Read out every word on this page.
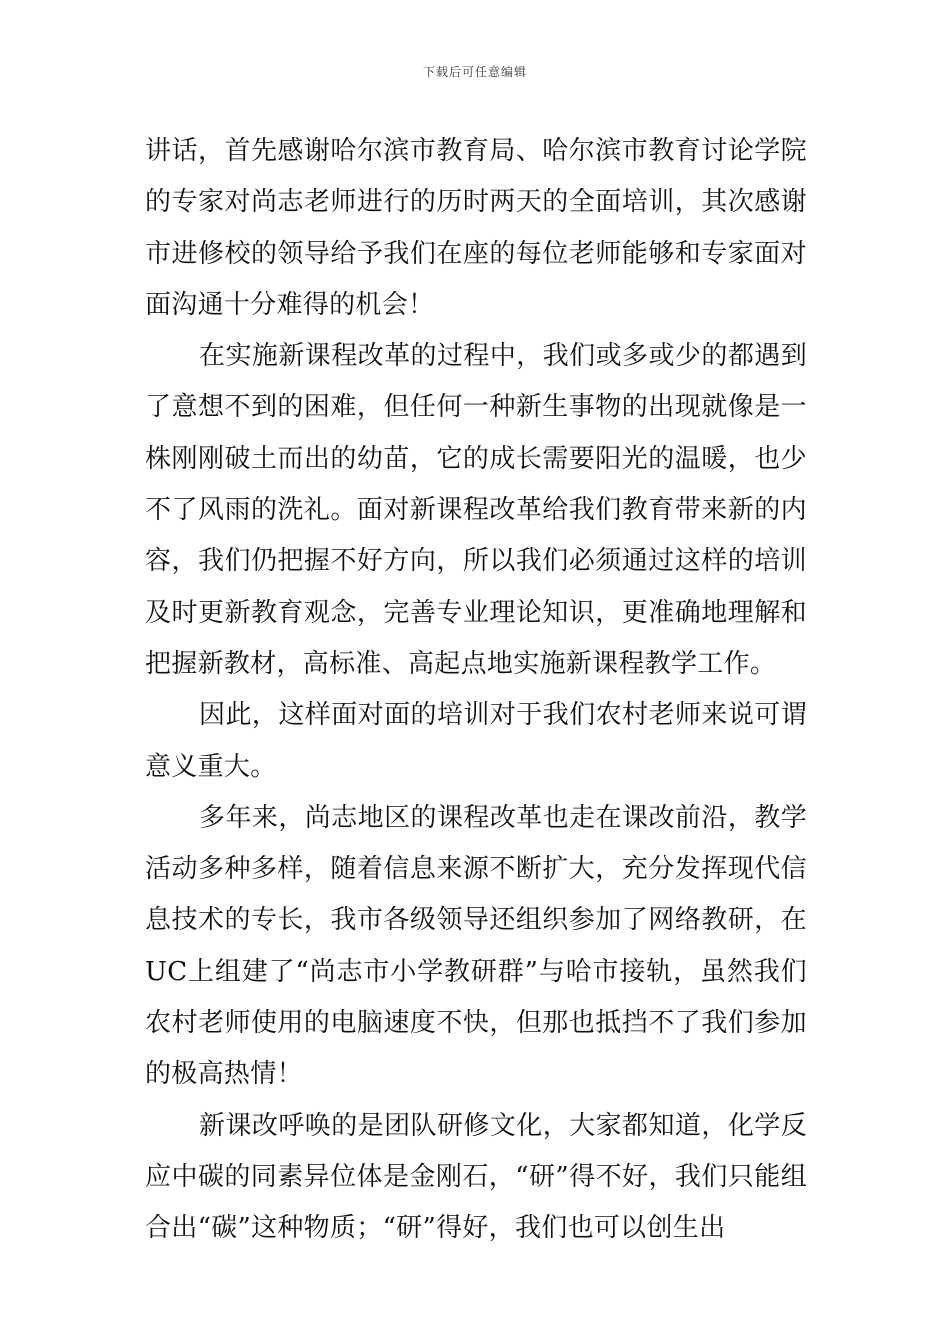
下载后可任意编辑

讲话，首先感谢哈尔滨市教育局、哈尔滨市教育讨论学院的专家对尚志老师进行的历时两天的全面培训，其次感谢市进修校的领导给予我们在座的每位老师能够和专家面对面沟通十分难得的机会！

在实施新课程改革的过程中，我们或多或少的都遇到了意想不到的困难，但任何一种新生事物的出现就像是一株刚刚破土而出的幼苗，它的成长需要阳光的温暖，也少不了风雨的洗礼。面对新课程改革给我们教育带来新的内容，我们仍把握不好方向，所以我们必须通过这样的培训及时更新教育观念，完善专业理论知识，更准确地理解和把握新教材，高标准、高起点地实施新课程教学工作。

因此，这样面对面的培训对于我们农村老师来说可谓意义重大。

多年来，尚志地区的课程改革也走在课改前沿，教学活动多种多样，随着信息来源不断扩大，充分发挥现代信息技术的专长，我市各级领导还组织参加了网络教研，在UC上组建了“尚志市小学教研群”与哈市接轨，虽然我们农村老师使用的电脑速度不快，但那也抵挡不了我们参加的极高热情！

新课改呼唤的是团队研修文化，大家都知道，化学反应中碳的同素异位体是金刚石，“研”得不好，我们只能组合出“碳”这种物质；“研”得好，我们也可以创生出
